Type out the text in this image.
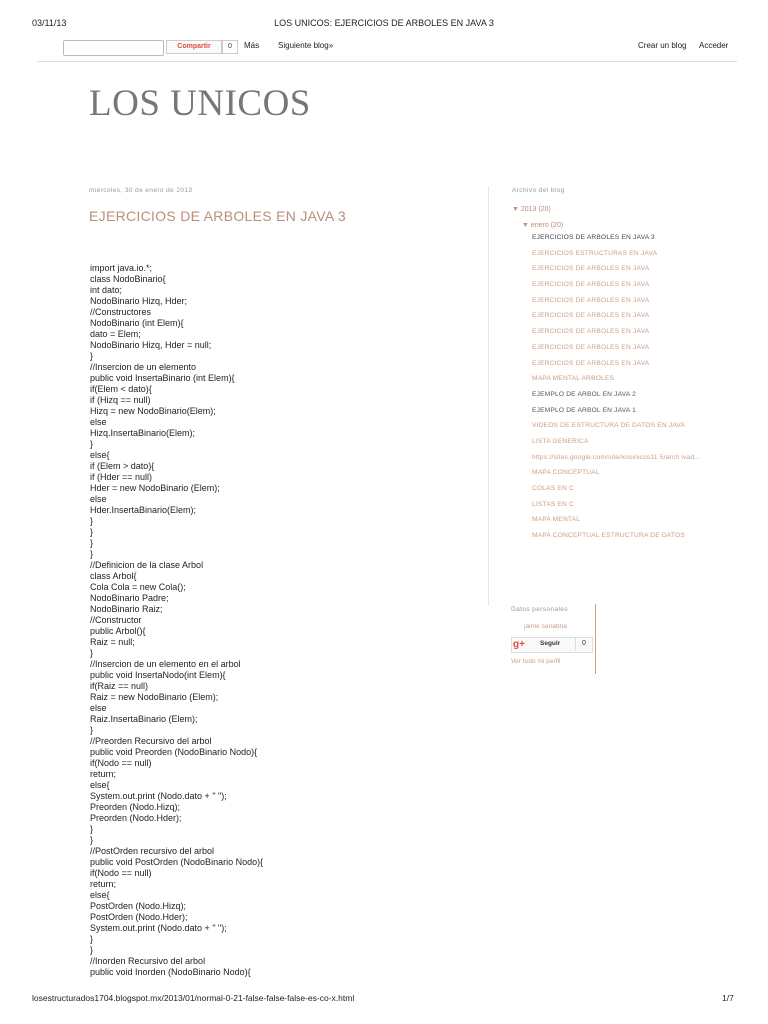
03/11/13	LOS UNICOS: EJERCICIOS DE ARBOLES EN JAVA 3
Compartir	0	Más Siguiente blog»	Crear un blog Acceder
LOS UNICOS
miércoles, 30 de enero de 2013
EJERCICIOS DE ARBOLES EN JAVA 3
import java.io.*;
class NodoBinario{
int dato;
NodoBinario Hizq, Hder;
//Constructores
NodoBinario (int Elem){
dato = Elem;
NodoBinario Hizq, Hder = null;
}
//Insercion de un elemento
public void InsertaBinario (int Elem){
if(Elem < dato){
if (Hizq == null)
Hizq = new NodoBinario(Elem);
else
Hizq.InsertaBinario(Elem);
}
else{
if (Elem > dato){
if (Hder == null)
Hder = new NodoBinario (Elem);
else
Hder.InsertaBinario(Elem);
}
}
}
}
//Definicion de la clase Arbol
class Arbol{
Cola Cola = new Cola();
NodoBinario Padre;
NodoBinario Raiz;
//Constructor
public Arbol(){
Raiz = null;
}
//Insercion de un elemento en el arbol
public void InsertaNodo(int Elem){
if(Raiz == null)
Raiz = new NodoBinario (Elem);
else
Raiz.InsertaBinario (Elem);
}
//Preorden Recursivo del arbol
public void Preorden (NodoBinario Nodo){
if(Nodo == null)
return;
else{
System.out.print (Nodo.dato + " ");
Preorden (Nodo.Hizq);
Preorden (Nodo.Hder);
}
}
//PostOrden recursivo del arbol
public void PostOrden (NodoBinario Nodo){
if(Nodo == null)
return;
else{
PostOrden (Nodo.Hizq);
PostOrden (Nodo.Hder);
System.out.print (Nodo.dato + " ");
}
}
//Inorden Recursivo del arbol
public void Inorden (NodoBinario Nodo){
Archivo del blog
▼ 2013 (20)
▼ enero (20)
EJERCICIOS DE ARBOLES EN JAVA 3
EJERCICIOS ESTRUCTURAS EN JAVA
EJERCICIOS DE ARBOLES EN JAVA
EJERCICIOS DE ARBOLES EN JAVA
EJERCICIOS DE ARBOLES EN JAVA
EJERCICIOS DE ARBOLES EN JAVA
EJERCICIOS DE ARBOLES EN JAVA
EJERCICIOS DE ARBOLES EN JAVA
EJERCICIOS DE ARBOLES EN JAVA
MAPA MENTAL ARBOLES
EJEMPLO DE ARBOL EN JAVA 2
EJEMPLO DE ARBOL EN JAVA 1
VIDEOS DE ESTRUCTURA DE DATOS EN JAVA
LISTA GENERICA
https://sites.google.com/site/losunicos11 5/arch ivad...
MAPA CONCEPTUAL
COLAS EN C
LISTAS EN C
MAPA MENTAL
MAPA CONCEPTUAL ESTRUCTURA DE DATOS
Datos personales
jaime sanabria
g+ Seguir	0
Ver todo mi perfil
losestructurados1704.blogspot.mx/2013/01/normal-0-21-false-false-false-es-co-x.html	1/7
